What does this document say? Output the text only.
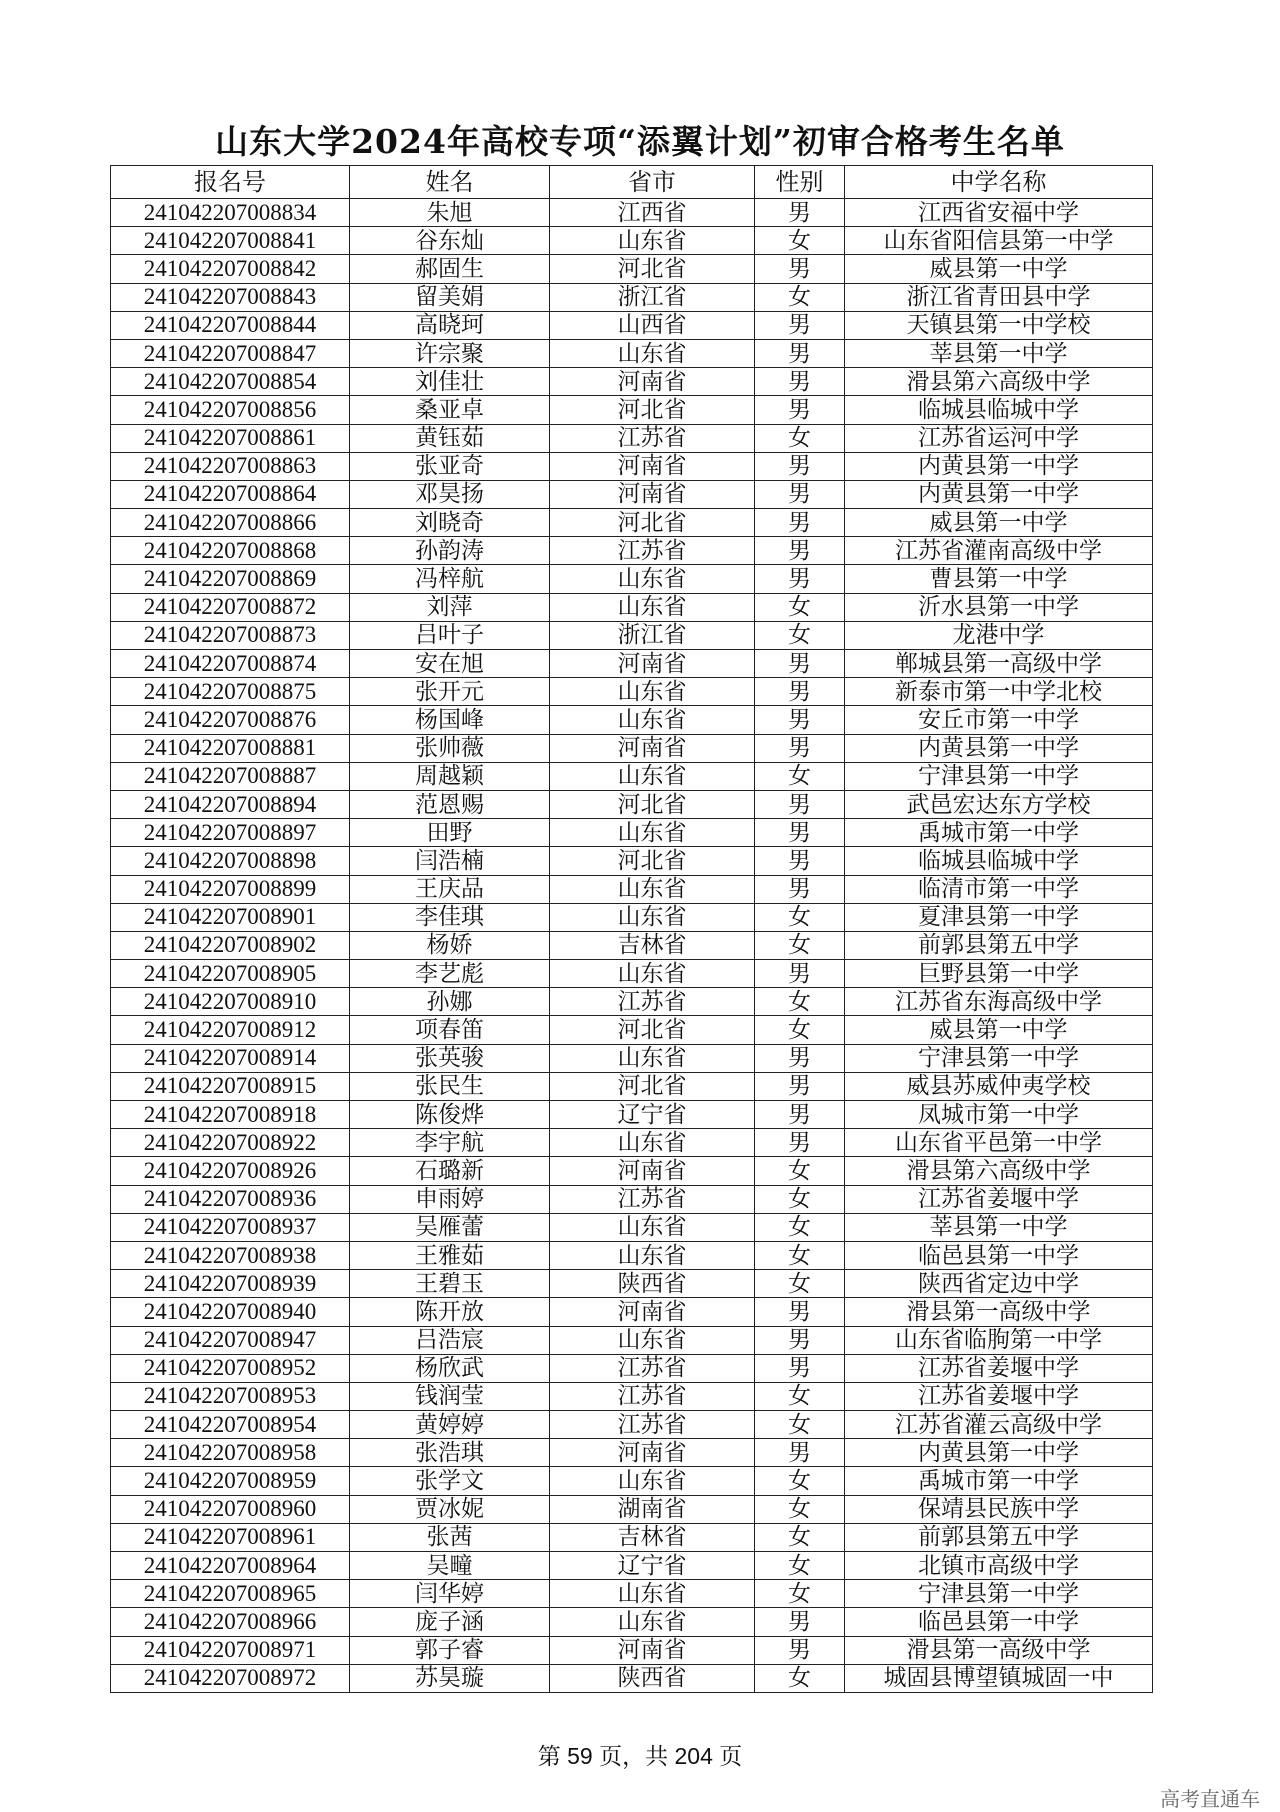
山东大学2024年高校专项“添翼计划”初审合格考生名单
报名号	姓名	省市	性别	中学名称
241042207008834	朱旭	江西省	男	江西省安福中学
241042207008841	谷东灿	山东省	女	山东省阳信县第一中学
241042207008842	郝固生	河北省	男	威县第一中学
241042207008843	留美娟	浙江省	女	浙江省青田县中学
241042207008844	高晓珂	山西省	男	天镇县第一中学校
241042207008847	许宗聚	山东省	男	莘县第一中学
241042207008854	刘佳壮	河南省	男	滑县第六高级中学
241042207008856	桑亚卓	河北省	男	临城县临城中学
241042207008861	黄钰茹	江苏省	女	江苏省运河中学
241042207008863	张亚奇	河南省	男	内黄县第一中学
241042207008864	邓昊扬	河南省	男	内黄县第一中学
241042207008866	刘晓奇	河北省	男	威县第一中学
241042207008868	孙韵涛	江苏省	男	江苏省灌南高级中学
241042207008869	冯梓航	山东省	男	曹县第一中学
241042207008872	刘萍	山东省	女	沂水县第一中学
241042207008873	吕叶子	浙江省	女	龙港中学
241042207008874	安在旭	河南省	男	郸城县第一高级中学
241042207008875	张开元	山东省	男	新泰市第一中学北校
241042207008876	杨国峰	山东省	男	安丘市第一中学
241042207008881	张帅薇	河南省	男	内黄县第一中学
241042207008887	周越颖	山东省	女	宁津县第一中学
241042207008894	范恩赐	河北省	男	武邑宏达东方学校
241042207008897	田野	山东省	男	禹城市第一中学
241042207008898	闫浩楠	河北省	男	临城县临城中学
241042207008899	王庆品	山东省	男	临清市第一中学
241042207008901	李佳琪	山东省	女	夏津县第一中学
241042207008902	杨娇	吉林省	女	前郭县第五中学
241042207008905	李艺彪	山东省	男	巨野县第一中学
241042207008910	孙娜	江苏省	女	江苏省东海高级中学
241042207008912	项春笛	河北省	女	威县第一中学
241042207008914	张英骏	山东省	男	宁津县第一中学
241042207008915	张民生	河北省	男	威县苏威仲夷学校
241042207008918	陈俊烨	辽宁省	男	凤城市第一中学
241042207008922	李宇航	山东省	男	山东省平邑第一中学
241042207008926	石璐新	河南省	女	滑县第六高级中学
241042207008936	申雨婷	江苏省	女	江苏省姜堰中学
241042207008937	吴雁蕾	山东省	女	莘县第一中学
241042207008938	王雅茹	山东省	女	临邑县第一中学
241042207008939	王碧玉	陕西省	女	陕西省定边中学
241042207008940	陈开放	河南省	男	滑县第一高级中学
241042207008947	吕浩宸	山东省	男	山东省临朐第一中学
241042207008952	杨欣武	江苏省	男	江苏省姜堰中学
241042207008953	钱润莹	江苏省	女	江苏省姜堰中学
241042207008954	黄婷婷	江苏省	女	江苏省灌云高级中学
241042207008958	张浩琪	河南省	男	内黄县第一中学
241042207008959	张学文	山东省	女	禹城市第一中学
241042207008960	贾冰妮	湖南省	女	保靖县民族中学
241042207008961	张茜	吉林省	女	前郭县第五中学
241042207008964	吴疃	辽宁省	女	北镇市高级中学
241042207008965	闫华婷	山东省	女	宁津县第一中学
241042207008966	庞子涵	山东省	男	临邑县第一中学
241042207008971	郭子睿	河南省	男	滑县第一高级中学
241042207008972	苏昊璇	陕西省	女	城固县博望镇城固一中
第 59 页，共 204 页
高考直通车
